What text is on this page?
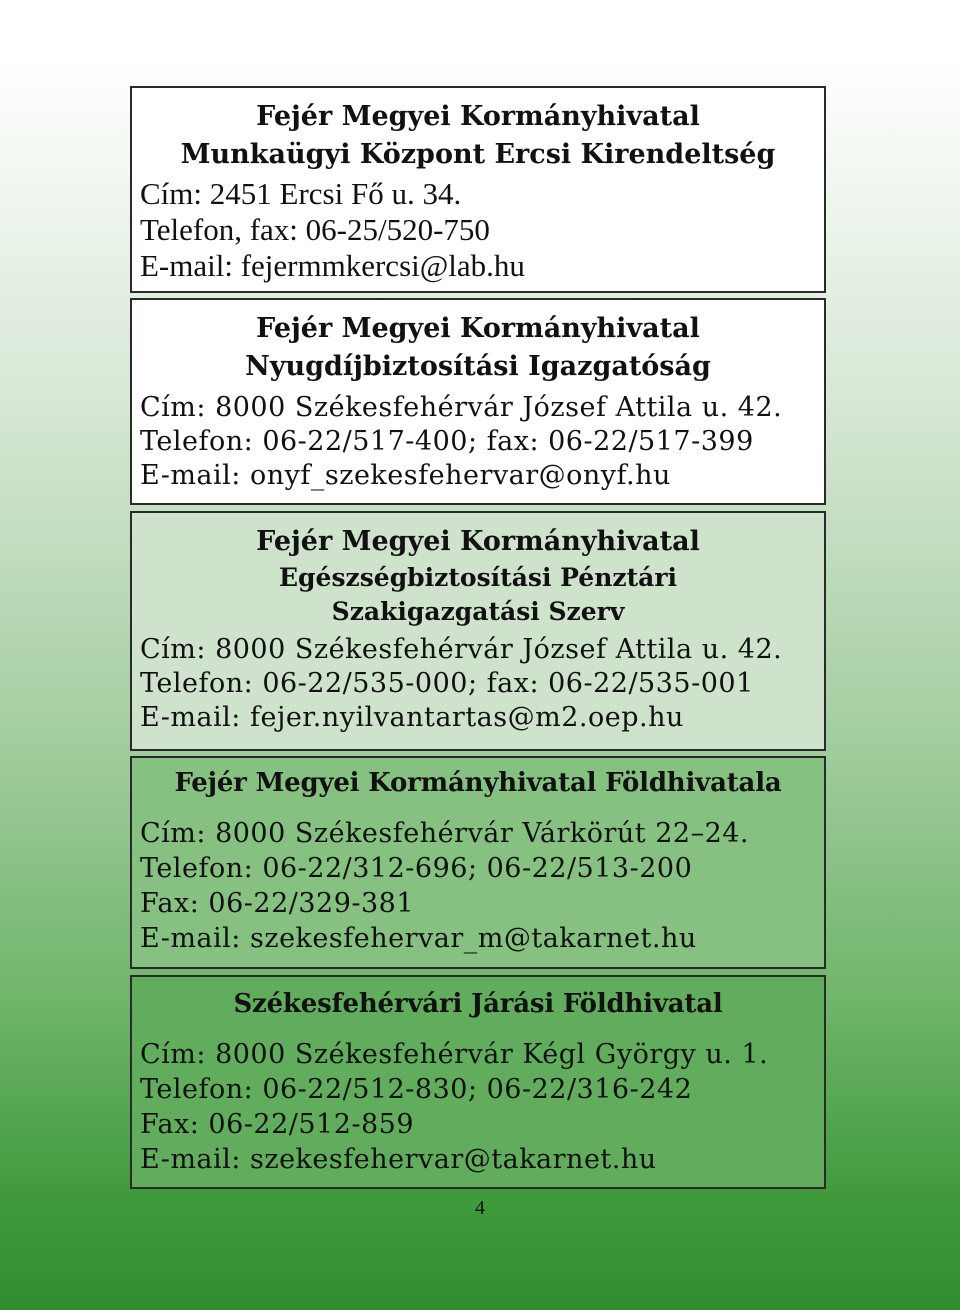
Fejér Megyei Kormányhivatal
Munkaügyi Központ Ercsi Kirendeltség
Cím: 2451 Ercsi Fő u. 34.
Telefon, fax: 06-25/520-750
E-mail: fejermmkercsi@lab.hu
Fejér Megyei Kormányhivatal
Nyugdíjbiztosítási Igazgatóság
Cím: 8000 Székesfehérvár József Attila u. 42.
Telefon: 06-22/517-400; fax: 06-22/517-399
E-mail: onyf_szekesfehervar@onyf.hu
Fejér Megyei Kormányhivatal
Egészségbiztosítási Pénztári
Szakigazgatási Szerv
Cím: 8000 Székesfehérvár József Attila u. 42.
Telefon: 06-22/535-000; fax: 06-22/535-001
E-mail: fejer.nyilvantartas@m2.oep.hu
Fejér Megyei Kormányhivatal Földhivatala
Cím: 8000 Székesfehérvár Várkörút 22–24.
Telefon: 06-22/312-696; 06-22/513-200
Fax: 06-22/329-381
E-mail: szekesfehervar_m@takarnet.hu
Székesfehérvári Járási Földhivatal
Cím: 8000 Székesfehérvár Kégl György u. 1.
Telefon: 06-22/512-830; 06-22/316-242
Fax: 06-22/512-859
E-mail: szekesfehervar@takarnet.hu
4
